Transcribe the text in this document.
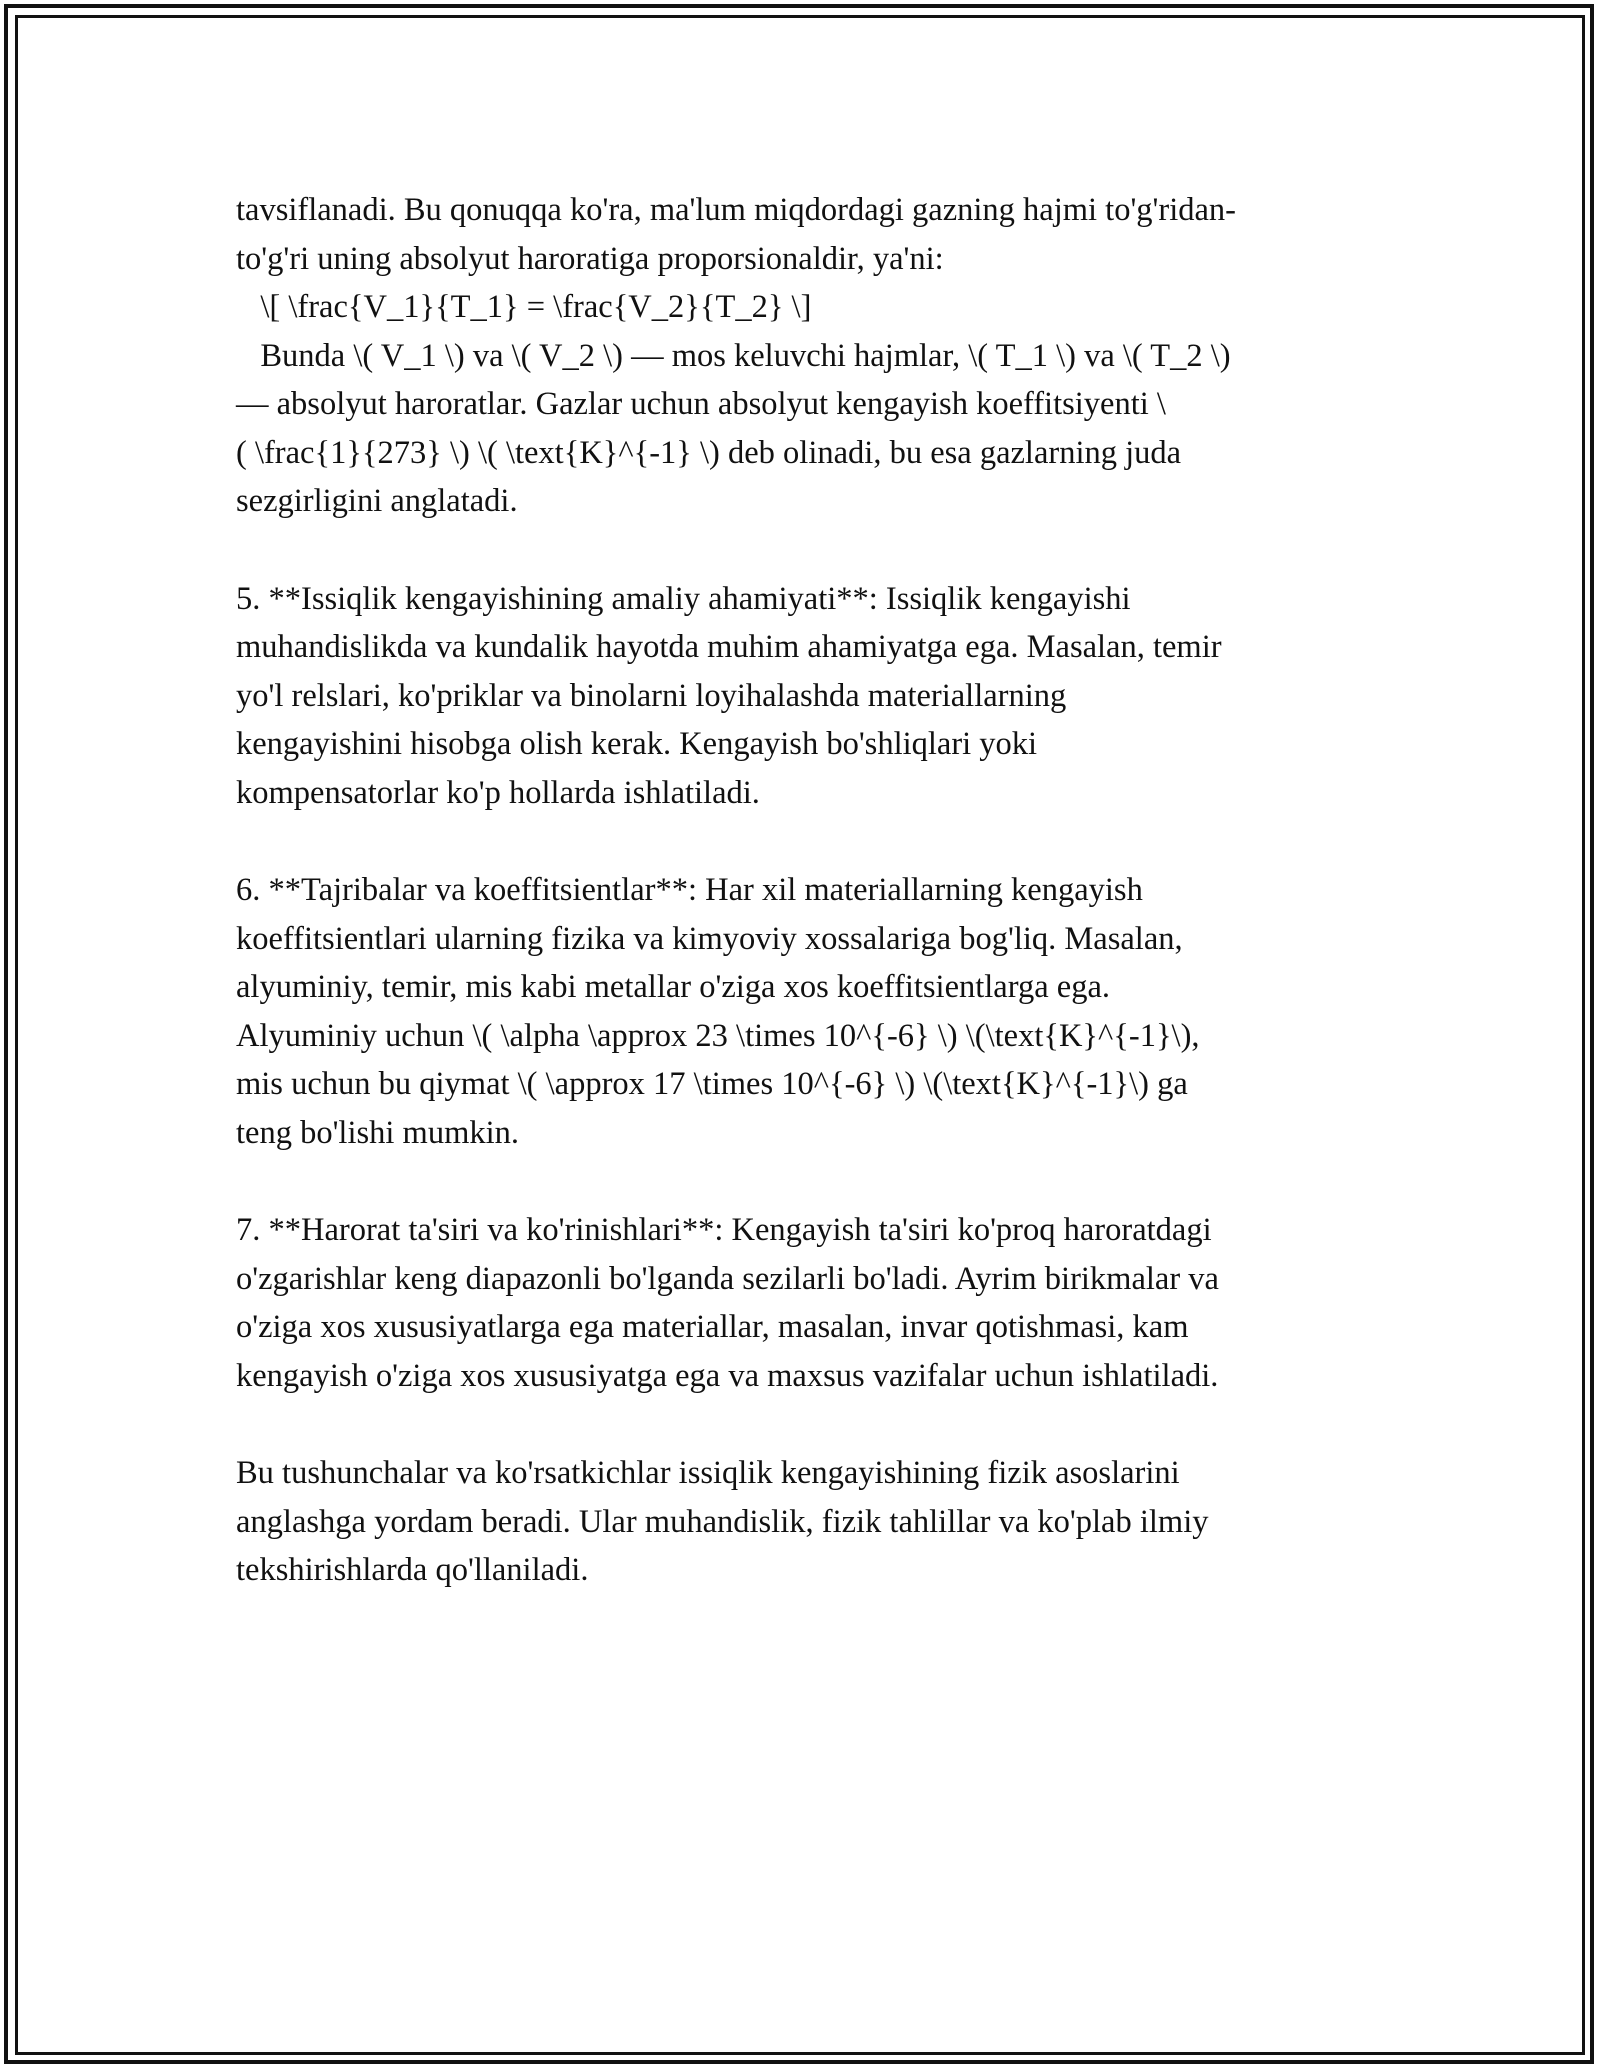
tavsiflanadi. Bu qonuqqa ko'ra, ma'lum miqdordagi gazning hajmi to'g'ridan-
to'g'ri uning absolyut haroratiga proporsionaldir, ya'ni:
\[ \frac{V_1}{T_1} = \frac{V_2}{T_2} \]
Bunda \( V_1 \) va \( V_2 \) — mos keluvchi hajmlar, \( T_1 \) va \( T_2 \)
— absolyut haroratlar. Gazlar uchun absolyut kengayish koeffitsiyenti \
( \frac{1}{273} \) \( \text{K}^{-1} \) deb olinadi, bu esa gazlarning juda
sezgirligini anglatadi.
5. **Issiqlik kengayishining amaliy ahamiyati**: Issiqlik kengayishi
muhandislikda va kundalik hayotda muhim ahamiyatga ega. Masalan, temir
yo'l relslari, ko'priklar va binolarni loyihalashda materiallarning
kengayishini hisobga olish kerak. Kengayish bo'shliqlari yoki
kompensatorlar ko'p hollarda ishlatiladi.
6. **Tajribalar va koeffitsientlar**: Har xil materiallarning kengayish
koeffitsientlari ularning fizika va kimyoviy xossalariga bog'liq. Masalan,
alyuminiy, temir, mis kabi metallar o'ziga xos koeffitsientlarga ega.
Alyuminiy uchun \( \alpha \approx 23 \times 10^{-6} \) \(\text{K}^{-1}\),
mis uchun bu qiymat \( \approx 17 \times 10^{-6} \) \(\text{K}^{-1}\) ga
teng bo'lishi mumkin.
7. **Harorat ta'siri va ko'rinishlari**: Kengayish ta'siri ko'proq haroratdagi
o'zgarishlar keng diapazonli bo'lganda sezilarli bo'ladi. Ayrim birikmalar va
o'ziga xos xususiyatlarga ega materiallar, masalan, invar qotishmasi, kam
kengayish o'ziga xos xususiyatga ega va maxsus vazifalar uchun ishlatiladi.
Bu tushunchalar va ko'rsatkichlar issiqlik kengayishining fizik asoslarini
anglashga yordam beradi. Ular muhandislik, fizik tahlillar va ko'plab ilmiy
tekshirishlarda qo'llaniladi.
